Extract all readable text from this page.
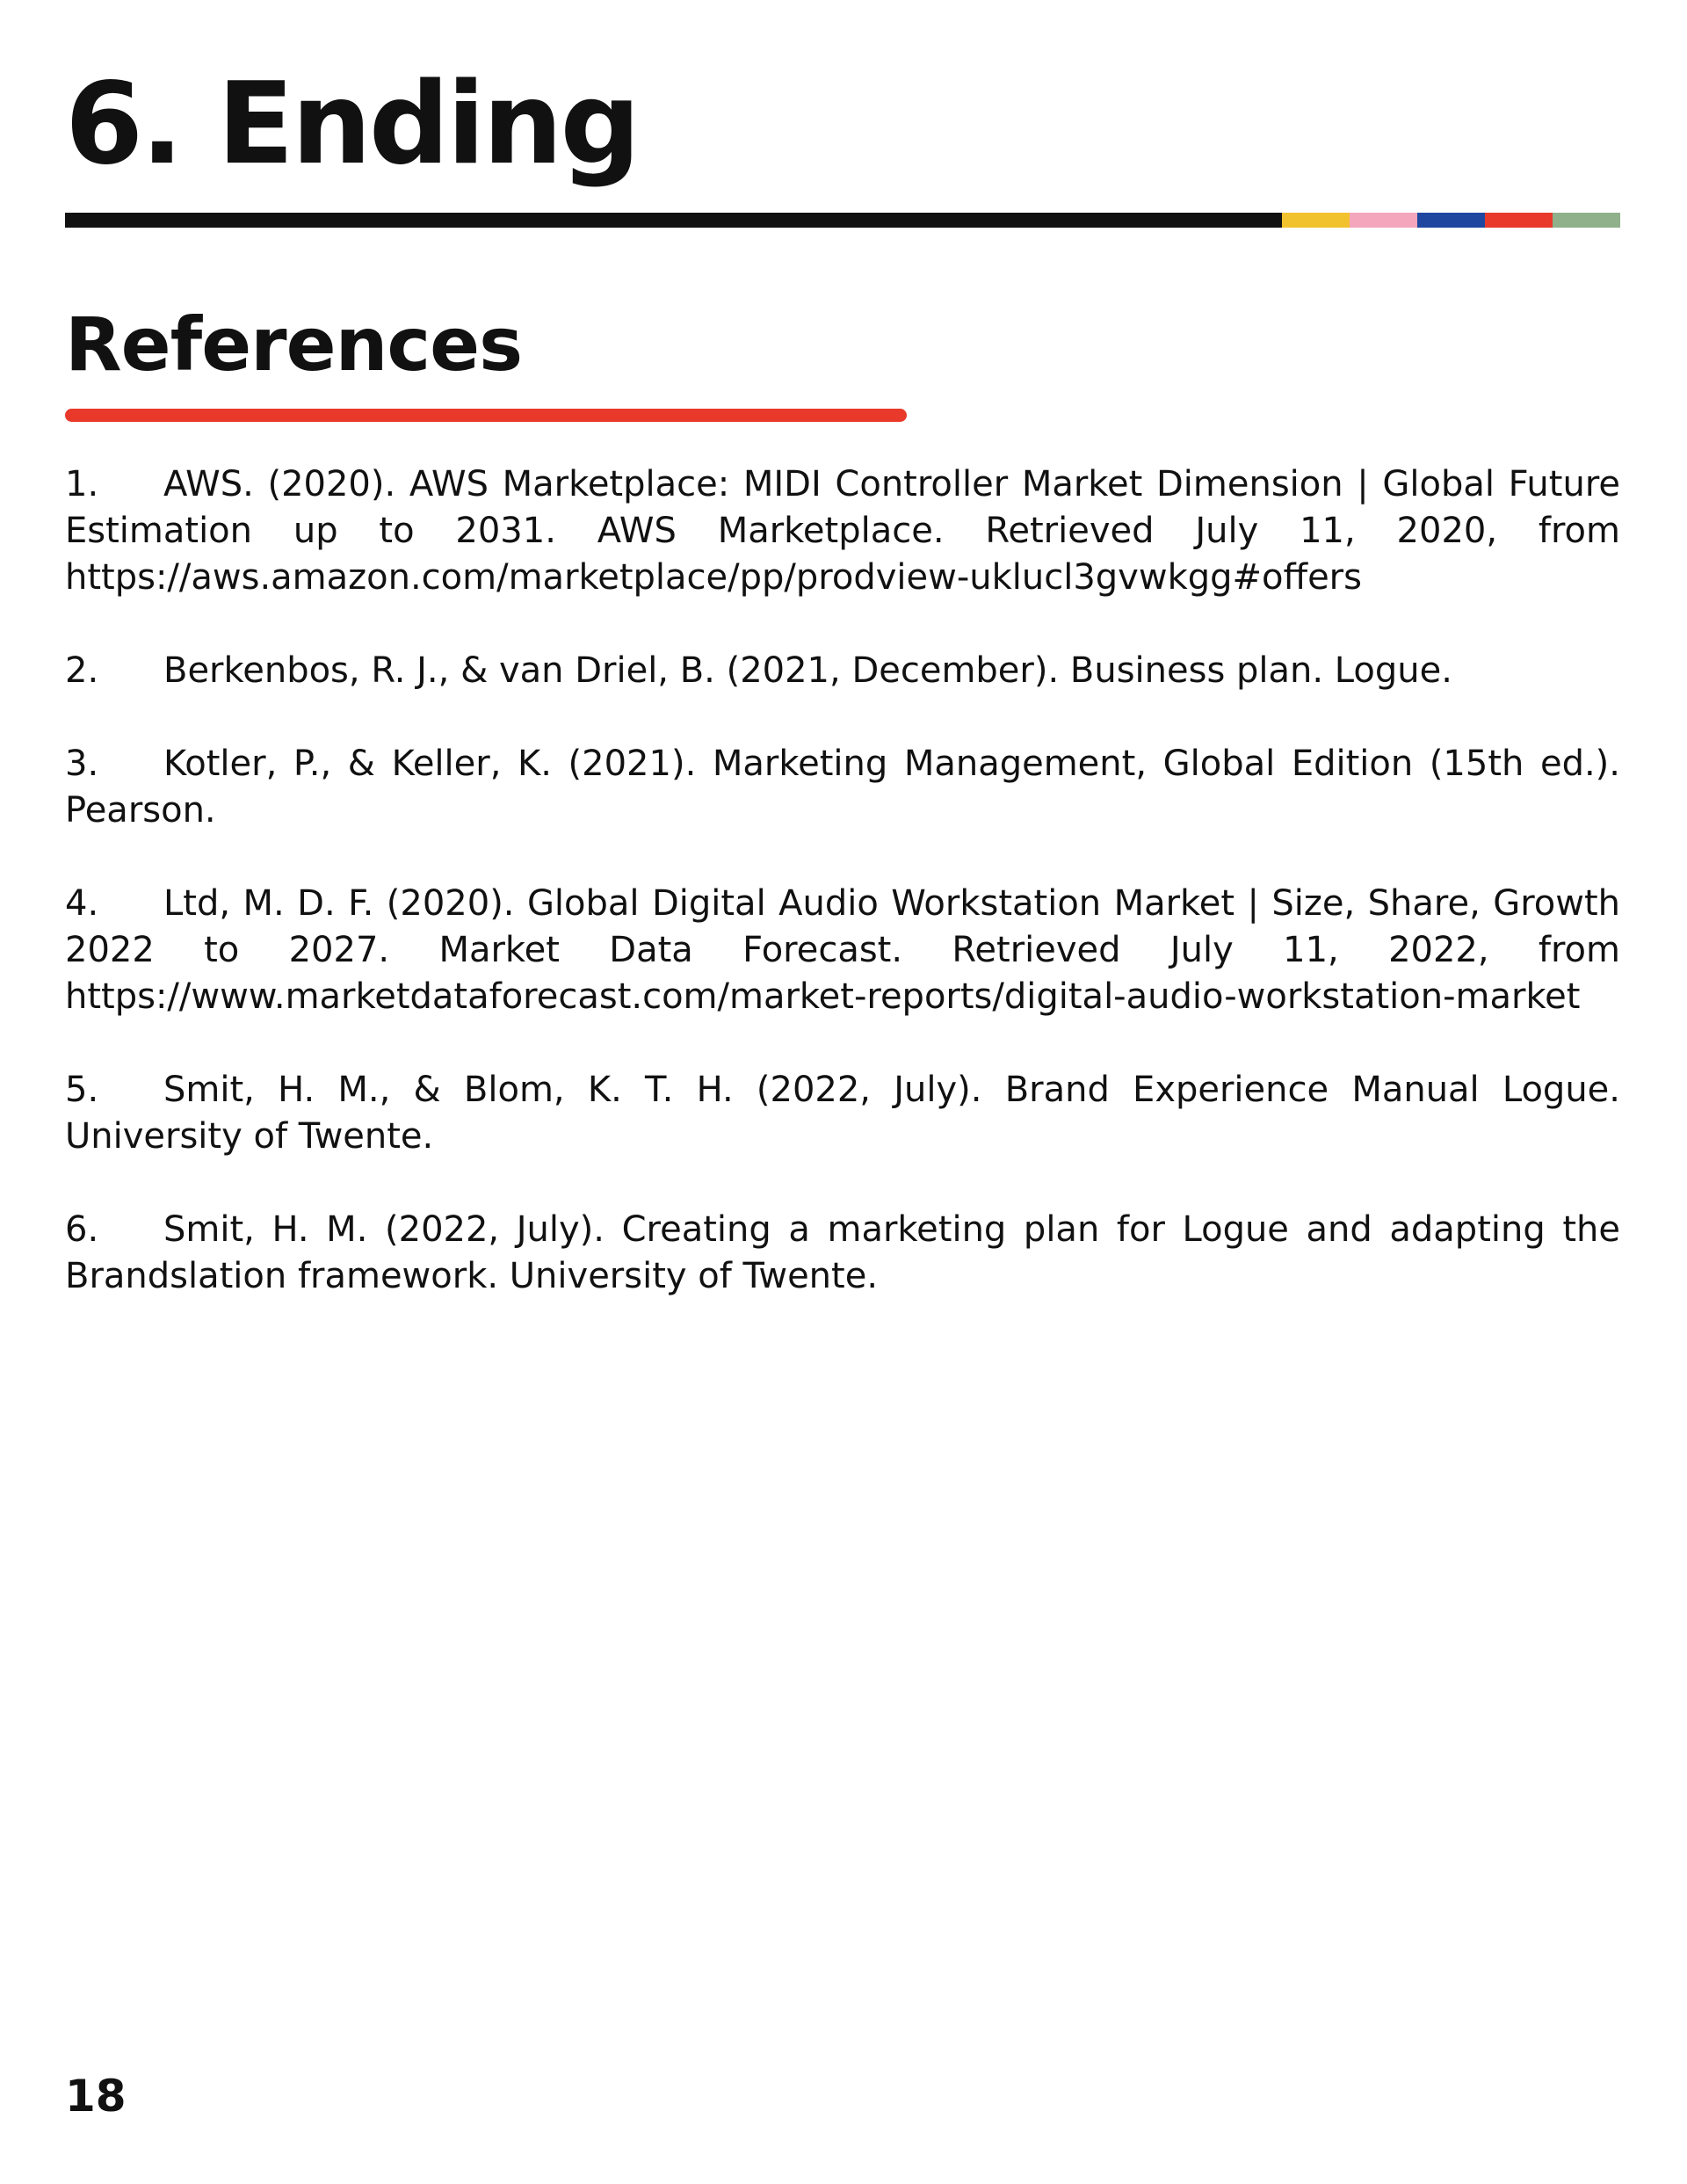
6. Ending
References
1. AWS. (2020). AWS Marketplace: MIDI Controller Market Dimension | Global Future Estimation up to 2031. AWS Marketplace. Retrieved July 11, 2020, from https://aws.amazon.com/marketplace/pp/prodview-uklucl3gvwkgg#offers
2. Berkenbos, R. J., & van Driel, B. (2021, December). Business plan. Logue.
3. Kotler, P., & Keller, K. (2021). Marketing Management, Global Edition (15th ed.). Pearson.
4. Ltd, M. D. F. (2020). Global Digital Audio Workstation Market | Size, Share, Growth 2022 to 2027. Market Data Forecast. Retrieved July 11, 2022, from https://www.marketdataforecast.com/market-reports/digital-audio-workstation-market
5. Smit, H. M., & Blom, K. T. H. (2022, July). Brand Experience Manual Logue. University of Twente.
6. Smit, H. M. (2022, July). Creating a marketing plan for Logue and adapting the Brandslation framework. University of Twente.
18
